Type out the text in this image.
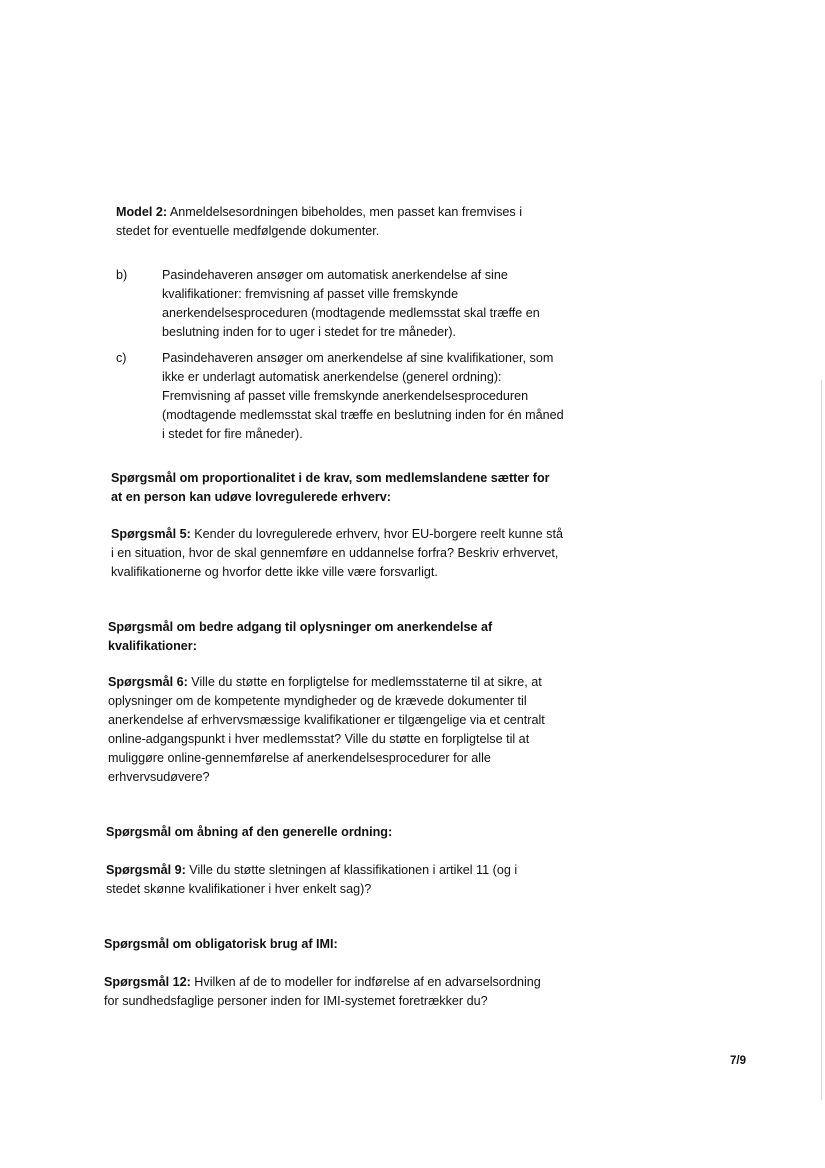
Model 2: Anmeldelsesordningen bibeholdes, men passet kan fremvises i stedet for eventuelle medfølgende dokumenter.

b)	Pasindehaveren ansøger om automatisk anerkendelse af sine kvalifikationer: fremvisning af passet ville fremskynde anerkendelsesproceduren (modtagende medlemsstat skal træffe en beslutning inden for to uger i stedet for tre måneder).
c)	Pasindehaveren ansøger om anerkendelse af sine kvalifikationer, som ikke er underlagt automatisk anerkendelse (generel ordning): Fremvisning af passet ville fremskynde anerkendelsesproceduren (modtagende medlemsstat skal træffe en beslutning inden for én måned i stedet for fire måneder).
Spørgsmål om proportionalitet i de krav, som medlemslandene sætter for at en person kan udøve lovregulerede erhverv:

Spørgsmål 5: Kender du lovregulerede erhverv, hvor EU-borgere reelt kunne stå i en situation, hvor de skal gennemføre en uddannelse forfra? Beskriv erhvervet, kvalifikationerne og hvorfor dette ikke ville være forsvarligt.

Spørgsmål om bedre adgang til oplysninger om anerkendelse af kvalifikationer:

Spørgsmål 6: Ville du støtte en forpligtelse for medlemsstaterne til at sikre, at oplysninger om de kompetente myndigheder og de krævede dokumenter til anerkendelse af erhvervsmæssige kvalifikationer er tilgængelige via et centralt online-adgangspunkt i hver medlemsstat? Ville du støtte en forpligtelse til at muliggøre online-gennemførelse af anerkendelsesprocedurer for alle erhvervsudøvere?

Spørgsmål om åbning af den generelle ordning:

Spørgsmål 9: Ville du støtte sletningen af klassifikationen i artikel 11 (og i stedet skønne kvalifikationer i hver enkelt sag)?

Spørgsmål om obligatorisk brug af IMI:

Spørgsmål 12: Hvilken af de to modeller for indførelse af en advarselsordning for sundhedsfaglige personer inden for IMI-systemet foretrækker du?

7/9
